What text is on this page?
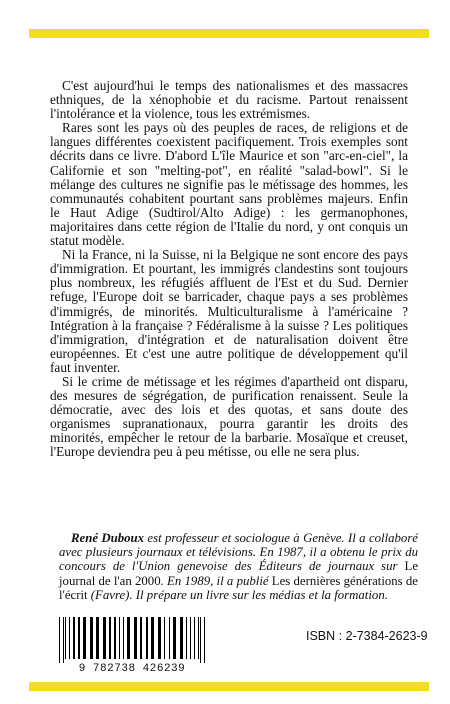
C'est aujourd'hui le temps des nationalismes et des massacres ethniques, de la xénophobie et du racisme. Partout renaissent l'intolérance et la violence, tous les extrémismes.

Rares sont les pays où des peuples de races, de religions et de langues différentes coexistent pacifiquement. Trois exemples sont décrits dans ce livre. D'abord L'île Maurice et son "arc-en-ciel", la Californie et son "melting-pot", en réalité "salad-bowl". Si le mélange des cultures ne signifie pas le métissage des hommes, les communautés cohabitent pourtant sans problèmes majeurs. Enfin le Haut Adige (Sudtirol/Alto Adige) : les germanophones, majoritaires dans cette région de l'Italie du nord, y ont conquis un statut modèle.

Ni la France, ni la Suisse, ni la Belgique ne sont encore des pays d'immigration. Et pourtant, les immigrés clandestins sont toujours plus nombreux, les réfugiés affluent de l'Est et du Sud. Dernier refuge, l'Europe doit se barricader, chaque pays a ses problèmes d'immigrés, de minorités. Multiculturalisme à l'américaine ? Intégration à la française ? Fédéralisme à la suisse ? Les politiques d'immigration, d'intégration et de naturalisation doivent être européennes. Et c'est une autre politique de développement qu'il faut inventer.

Si le crime de métissage et les régimes d'apartheid ont disparu, des mesures de ségrégation, de purification renaissent. Seule la démocratie, avec des lois et des quotas, et sans doute des organismes supranationaux, pourra garantir les droits des minorités, empêcher le retour de la barbarie. Mosaïque et creuset, l'Europe deviendra peu à peu métisse, ou elle ne sera plus.

René Duboux est professeur et sociologue à Genève. Il a collaboré avec plusieurs journaux et télévisions. En 1987, il a obtenu le prix du concours de l'Union genevoise des Éditeurs de journaux sur Le journal de l'an 2000. En 1989, il a publié Les dernières générations de l'écrit (Favre). Il prépare un livre sur les médias et la formation.

9 782738 426239
ISBN : 2-7384-2623-9
